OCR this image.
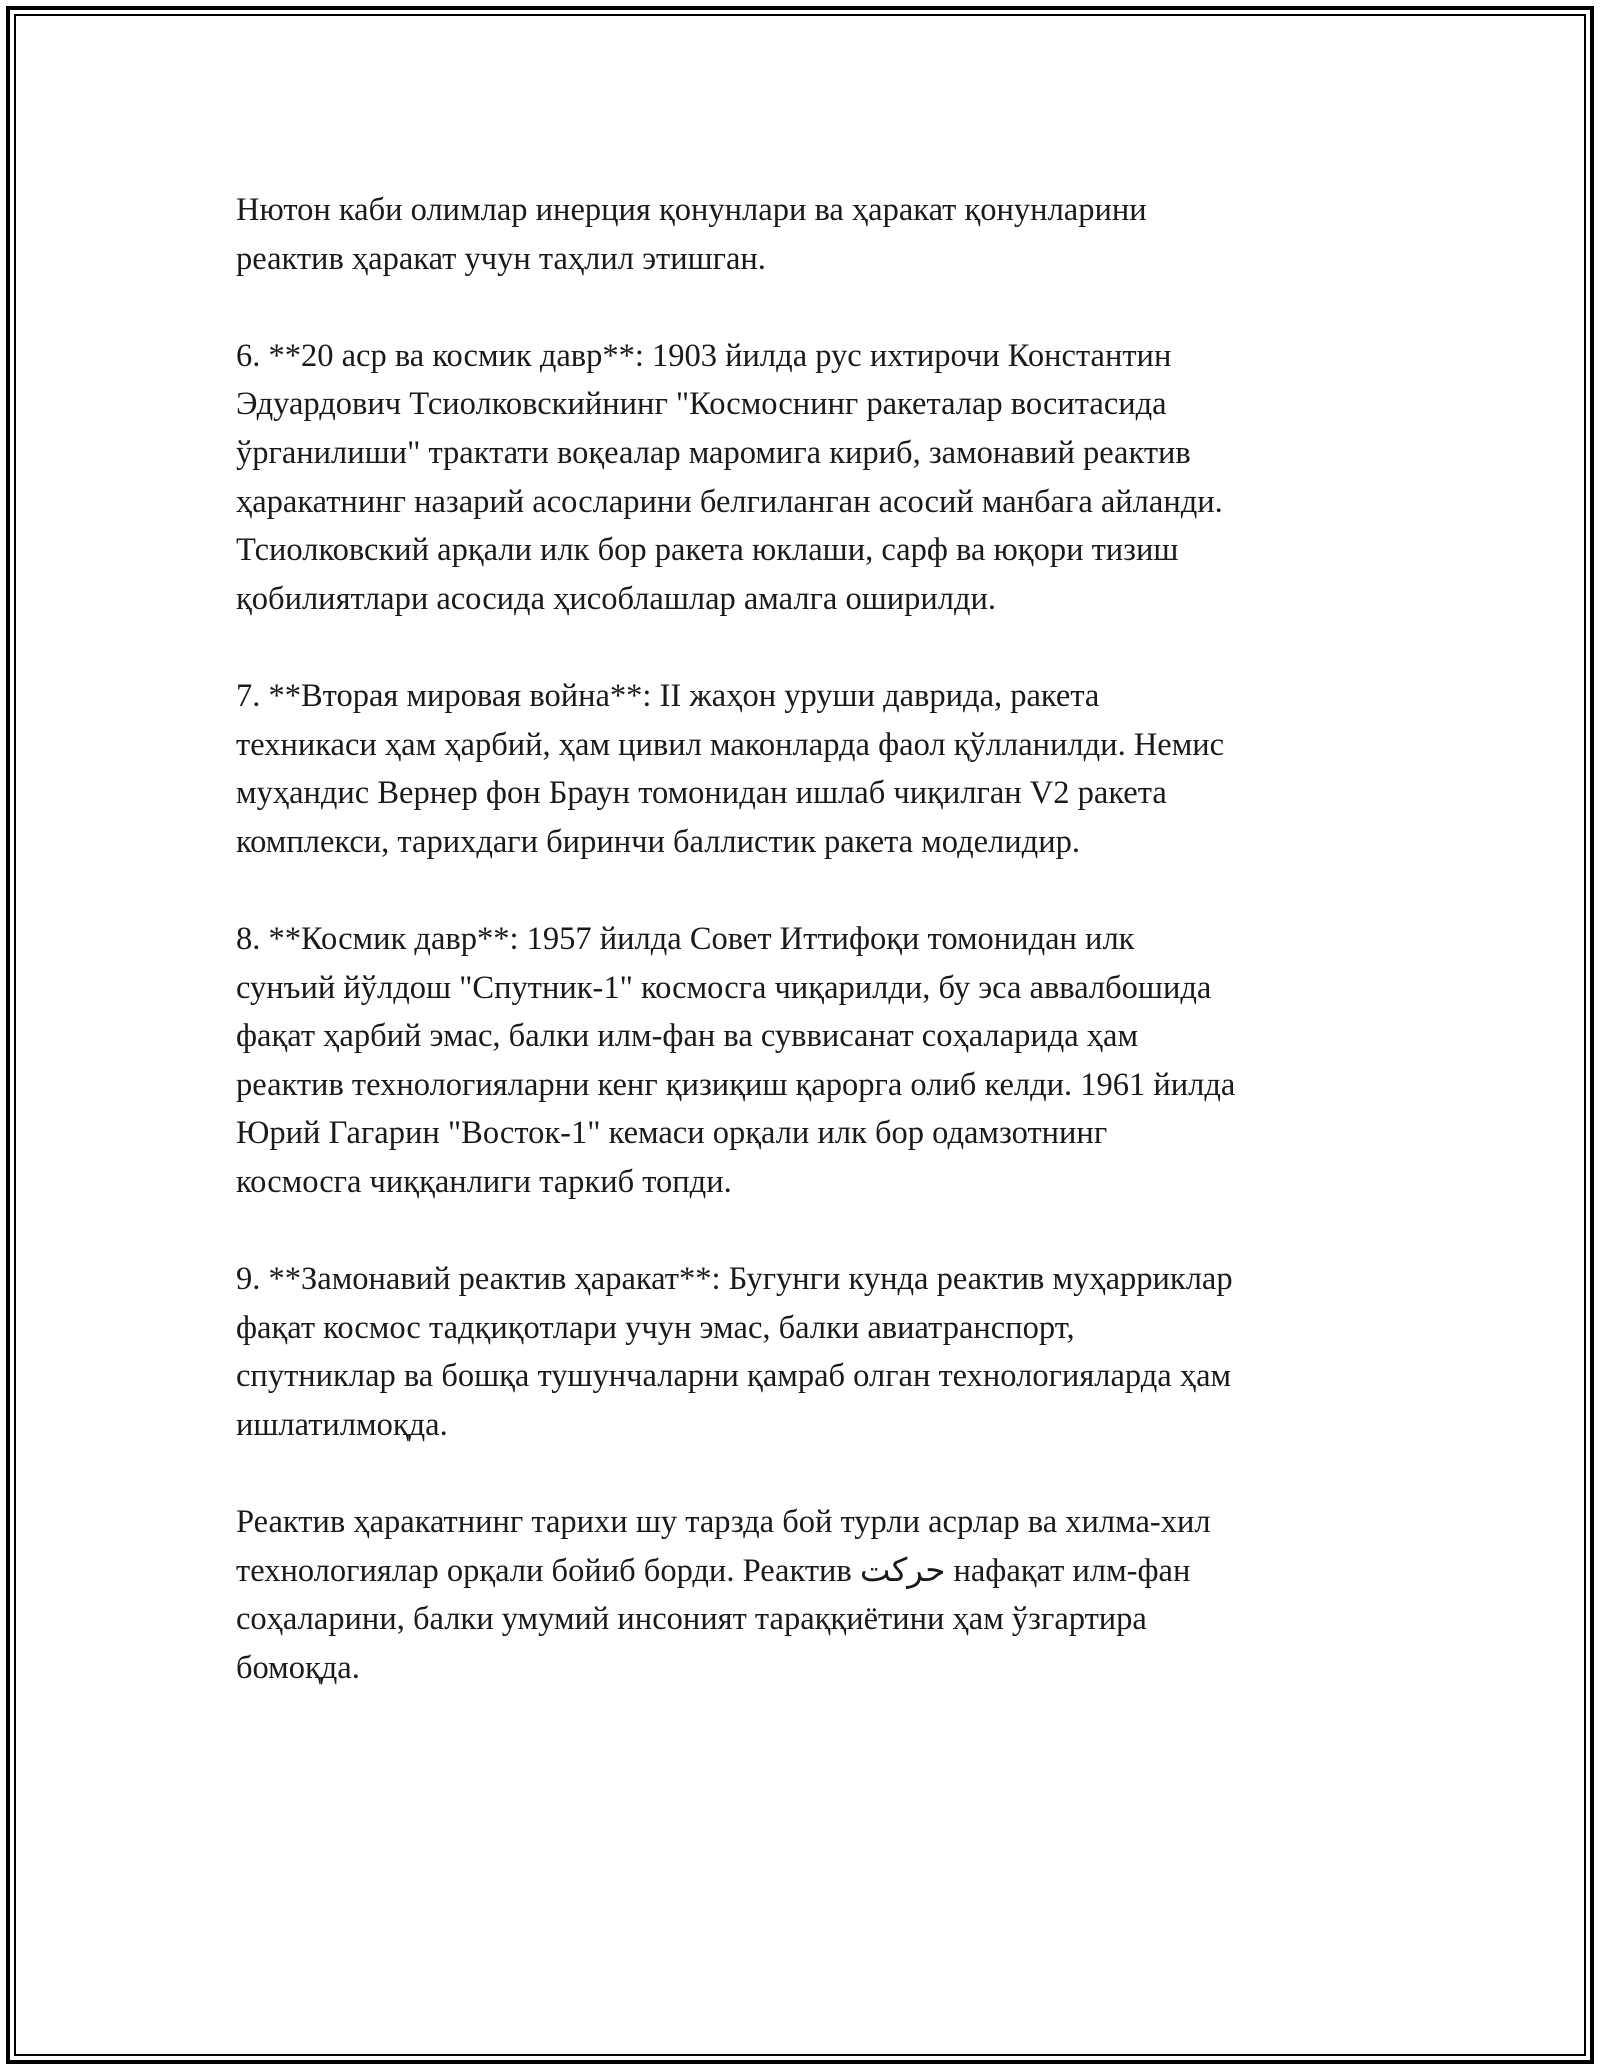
Нютон каби олимлар инерция қонунлари ва ҳаракат қонунларини
реактив ҳаракат учун таҳлил этишган.

6. **20 аср ва космик давр**: 1903 йилда рус ихтирочи Константин
Эдуардович Тсиолковскийнинг "Космоснинг ракеталар воситасида
ўрганилиши" трактати воқеалар маромига кириб, замонавий реактив
ҳаракатнинг назарий асосларини белгиланган асосий манбага айланди.
Тсиолковский арқали илк бор ракета юклаши, сарф ва юқори тизиш
қобилиятлари асосида ҳисоблашлар амалга оширилди.

7. **Вторая мировая война**: II жаҳон уруши даврида, ракета
техникаси ҳам ҳарбий, ҳам цивил маконларда фаол қўлланилди. Немис
муҳандис Вернер фон Браун томонидан ишлаб чиқилган V2 ракета
комплекси, тарихдаги биринчи баллистик ракета моделидир.

8. **Космик давр**: 1957 йилда Совет Иттифоқи томонидан илк
сунъий йўлдош "Спутник-1" космосга чиқарилди, бу эса аввалбошида
фақат ҳарбий эмас, балки илм-фан ва суввисанат соҳаларида ҳам
реактив технологияларни кенг қизиқиш қарорга олиб келди. 1961 йилда
Юрий Гагарин "Восток-1" кемаси орқали илк бор одамзотнинг
космосга чиққанлиги таркиб топди.

9. **Замонавий реактив ҳаракат**: Бугунги кунда реактив муҳарриклар
фақат космос тадқиқотлари учун эмас, балки авиатранспорт,
спутниклар ва бошқа тушунчаларни қамраб олган технологияларда ҳам
ишлатилмоқда.

Реактив ҳаракатнинг тарихи шу тарзда бой турли асрлар ва хилма-хил
технологиялар орқали бойиб борди. Реактив حركت нафақат илм-фан
соҳаларини, балки умумий инсоният тараққиётини ҳам ўзгартира
бомоқда.
